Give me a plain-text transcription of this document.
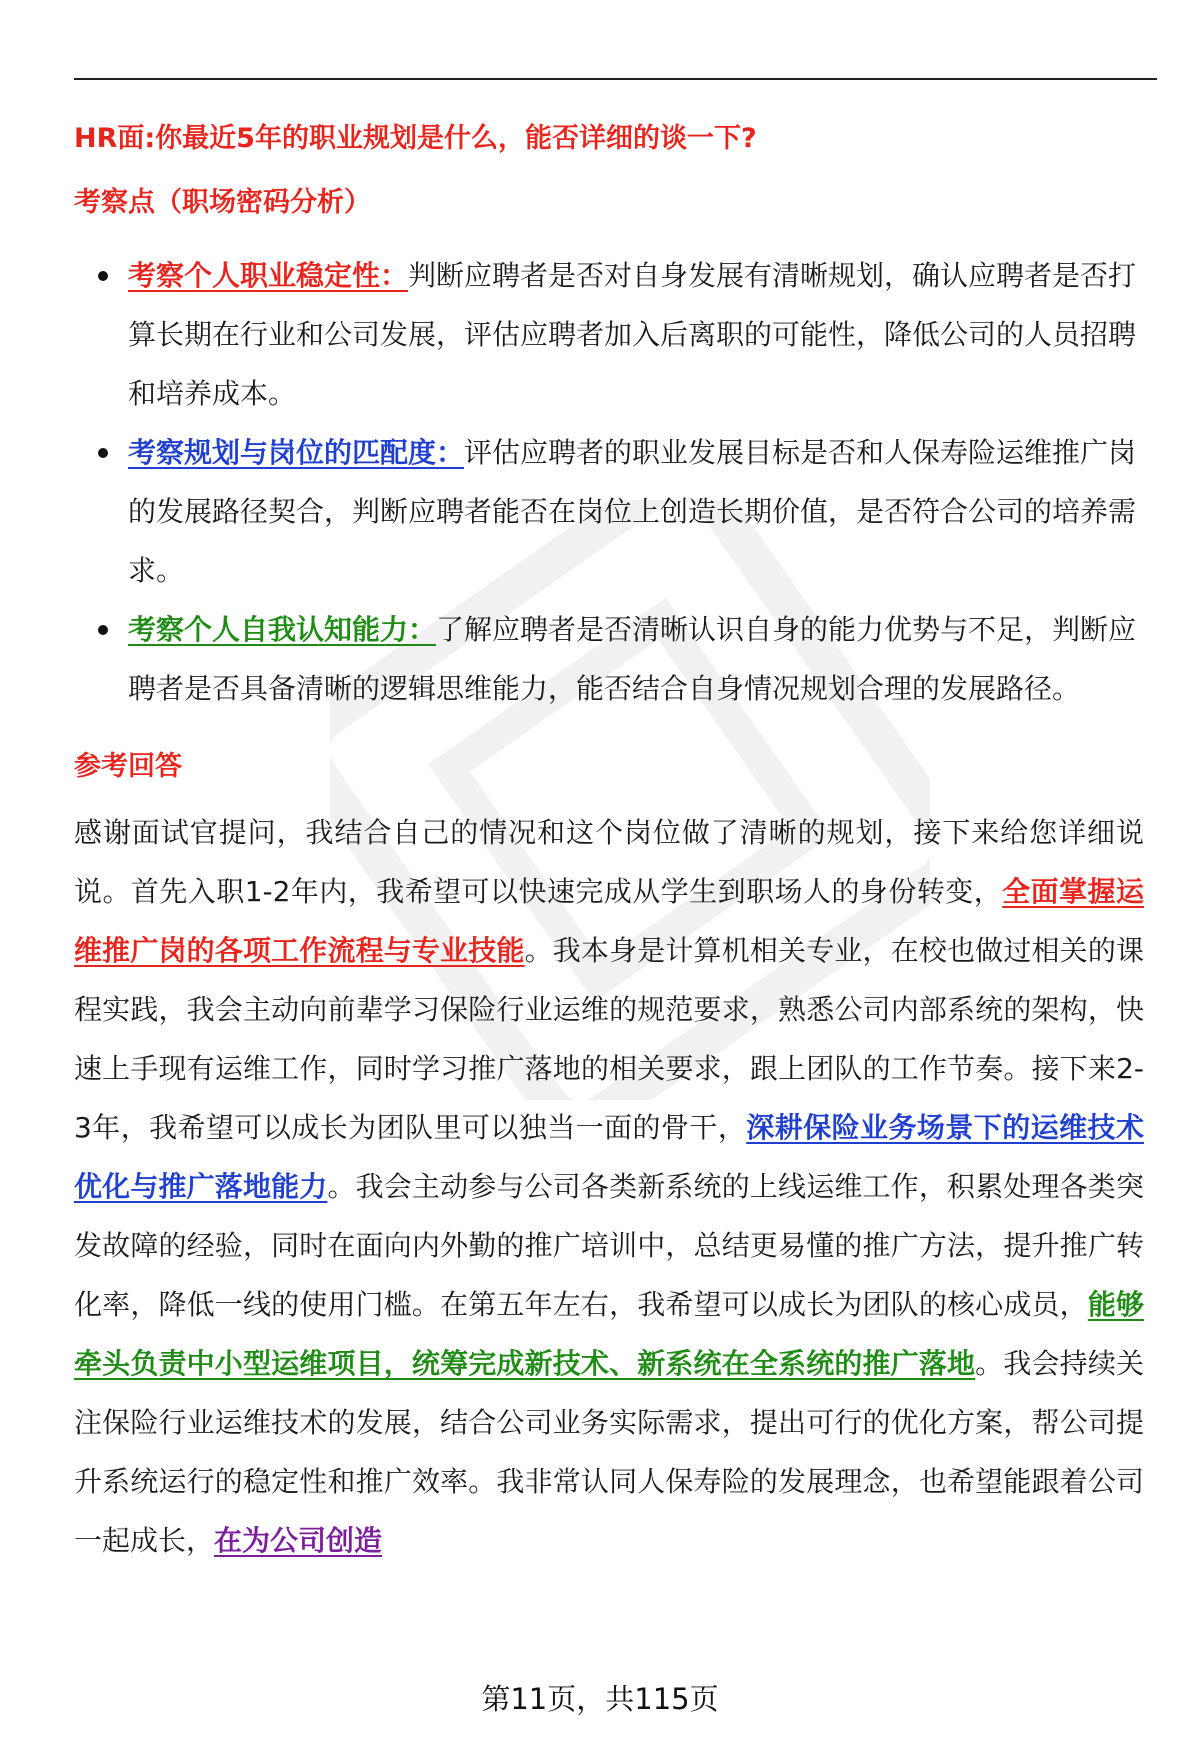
HR面:你最近5年的职业规划是什么，能否详细的谈一下?
考察点（职场密码分析）
考察个人职业稳定性：判断应聘者是否对自身发展有清晰规划，确认应聘者是否打算长期在行业和公司发展，评估应聘者加入后离职的可能性，降低公司的人员招聘和培养成本。
考察规划与岗位的匹配度：评估应聘者的职业发展目标是否和人保寿险运维推广岗的发展路径契合，判断应聘者能否在岗位上创造长期价值，是否符合公司的培养需求。
考察个人自我认知能力：了解应聘者是否清晰认识自身的能力优势与不足，判断应聘者是否具备清晰的逻辑思维能力，能否结合自身情况规划合理的发展路径。
参考回答

感谢面试官提问，我结合自己的情况和这个岗位做了清晰的规划，接下来给您详细说说。首先入职1-2年内，我希望可以快速完成从学生到职场人的身份转变，全面掌握运维推广岗的各项工作流程与专业技能。我本身是计算机相关专业，在校也做过相关的课程实践，我会主动向前辈学习保险行业运维的规范要求，熟悉公司内部系统的架构，快速上手现有运维工作，同时学习推广落地的相关要求，跟上团队的工作节奏。接下来2-3年，我希望可以成长为团队里可以独当一面的骨干，深耕保险业务场景下的运维技术优化与推广落地能力。我会主动参与公司各类新系统的上线运维工作，积累处理各类突发故障的经验，同时在面向内外勤的推广培训中，总结更易懂的推广方法，提升推广转化率，降低一线的使用门槛。在第五年左右，我希望可以成长为团队的核心成员，能够牵头负责中小型运维项目，统筹完成新技术、新系统在全系统的推广落地。我会持续关注保险行业运维技术的发展，结合公司业务实际需求，提出可行的优化方案，帮公司提升系统运行的稳定性和推广效率。我非常认同人保寿险的发展理念，也希望能跟着公司一起成长，在为公司创造

第11页，共115页
